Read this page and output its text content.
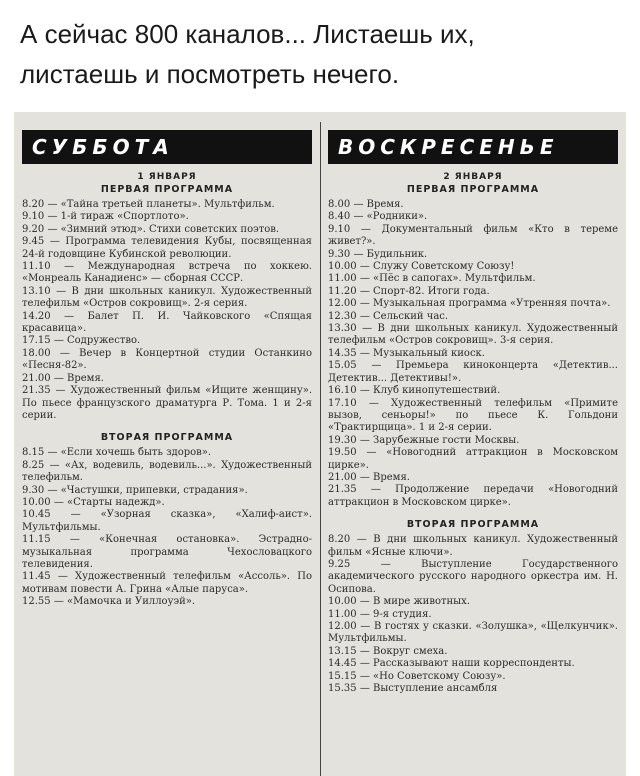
А сейчас 800 каналов... Листаешь их,
листаешь и посмотреть нечего.
СУББОТА
1 ЯНВАРЯ
ПЕРВАЯ ПРОГРАММА

8.20 — «Тайна третьей планеты». Мультфильм.

9.10 — 1-й тираж «Спортлото».

9.20 — «Зимний этюд». Стихи советских поэтов.

9.45 — Программа телевидения Кубы, посвященная 24-й годовщине Кубинской революции.

11.10 — Международная встреча по хоккею. «Монреаль Канадиенс» — сборная СССР.

13.10 — В дни школьных каникул. Художественный телефильм «Остров сокровищ». 2-я серия.

14.20 — Балет П. И. Чайковского «Спящая красавица».

17.15 — Содружество.

18.00 — Вечер в Концертной студии Останкино «Песня-82».

21.00 — Время.

21.35 — Художественный фильм «Ищите женщину». По пьесе французского драматурга Р. Тома. 1 и 2-я серии.

ВТОРАЯ ПРОГРАММА

8.15 — «Если хочешь быть здоров».

8.25 — «Ах, водевиль, водевиль...». Художественный телефильм.

9.30 — «Частушки, припевки, страдания».

10.00 — «Старты надежд».

10.45 — «Узорная сказка», «Халиф-аист». Мультфильмы.

11.15 — «Конечная остановка». Эстрадно-музыкальная программа Чехословацкого телевидения.

11.45 — Художественный телефильм «Ассоль». По мотивам повести А. Грина «Алые паруса».

12.55 — «Мамочка и Уиллоуэй».

ВОСКРЕСЕНЬЕ
2 ЯНВАРЯ
ПЕРВАЯ ПРОГРАММА

8.00 — Время.

8.40 — «Родники».

9.10 — Документальный фильм «Кто в тереме живет?».

9.30 — Будильник.

10.00 — Служу Советскому Союзу!

11.00 — «Пёс в сапогах». Мультфильм.

11.20 — Спорт-82. Итоги года.

12.00 — Музыкальная программа «Утренняя почта».

12.30 — Сельский час.

13.30 — В дни школьных каникул. Художественный телефильм «Остров сокровищ». 3-я серия.

14.35 — Музыкальный киоск.

15.05 — Премьера киноконцерта «Детектив... Детектив... Детективы!».

16.10 — Клуб кинопутешествий.

17.10 — Художественный телефильм «Примите вызов, сеньоры!» по пьесе К. Гольдони «Трактирщица». 1 и 2-я серии.

19.30 — Зарубежные гости Москвы.

19.50 — «Новогодний аттракцион в Московском цирке».

21.00 — Время.

21.35 — Продолжение передачи «Новогодний аттракцион в Московском цирке».

ВТОРАЯ ПРОГРАММА

8.20 — В дни школьных каникул. Художественный фильм «Ясные ключи».

9.25 — Выступление Государственного академического русского народного оркестра им. Н. Осипова.

10.00 — В мире животных.

11.00 — 9-я студия.

12.00 — В гостях у сказки. «Золушка», «Щелкунчик». Мультфильмы.

13.15 — Вокруг смеха.

14.45 — Рассказывают наши корреспонденты.

15.15 — «Но Советскому Союзу».

15.35 — Выступление ансамбля
